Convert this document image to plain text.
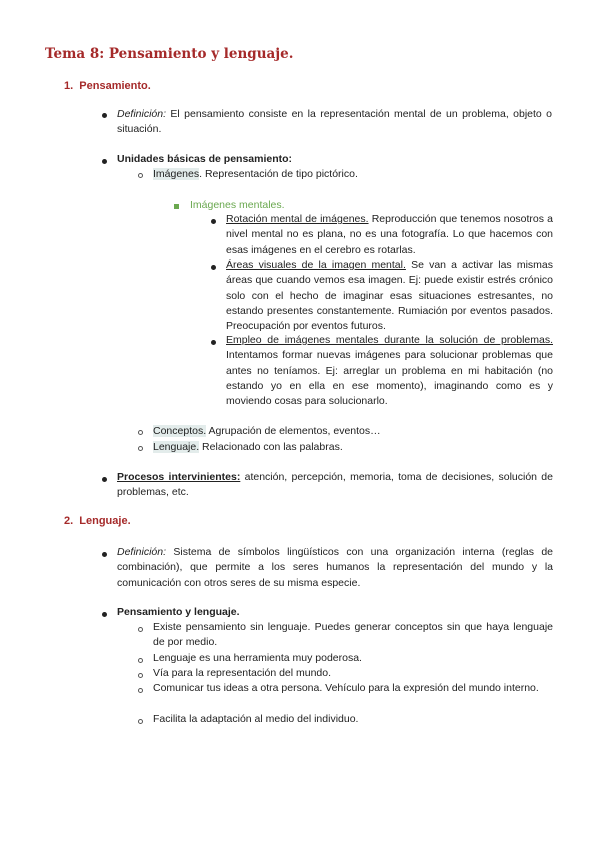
Tema 8: Pensamiento y lenguaje.
1.  Pensamiento.
Definición: El pensamiento consiste en la representación mental de un problema, objeto o situación.
Unidades básicas de pensamiento:
Imágenes. Representación de tipo pictórico.
Imágenes mentales.
Rotación mental de imágenes. Reproducción que tenemos nosotros a nivel mental no es plana, no es una fotografía. Lo que hacemos con esas imágenes en el cerebro es rotarlas.
Áreas visuales de la imagen mental. Se van a activar las mismas áreas que cuando vemos esa imagen. Ej: puede existir estrés crónico solo con el hecho de imaginar esas situaciones estresantes, no estando presentes constantemente. Rumiación por eventos pasados. Preocupación por eventos futuros.
Empleo de imágenes mentales durante la solución de problemas. Intentamos formar nuevas imágenes para solucionar problemas que antes no teníamos. Ej: arreglar un problema en mi habitación (no estando yo en ella en ese momento), imaginando como es y moviendo cosas para solucionarlo.
Conceptos. Agrupación de elementos, eventos…
Lenguaje. Relacionado con las palabras.
Procesos intervinientes: atención, percepción, memoria, toma de decisiones, solución de problemas, etc.
2.  Lenguaje.
Definición: Sistema de símbolos lingüísticos con una organización interna (reglas de combinación), que permite a los seres humanos la representación del mundo y la comunicación con otros seres de su misma especie.
Pensamiento y lenguaje.
Existe pensamiento sin lenguaje. Puedes generar conceptos sin que haya lenguaje de por medio.
Lenguaje es una herramienta muy poderosa.
Vía para la representación del mundo.
Comunicar tus ideas a otra persona. Vehículo para la expresión del mundo interno.
Facilita la adaptación al medio del individuo.
